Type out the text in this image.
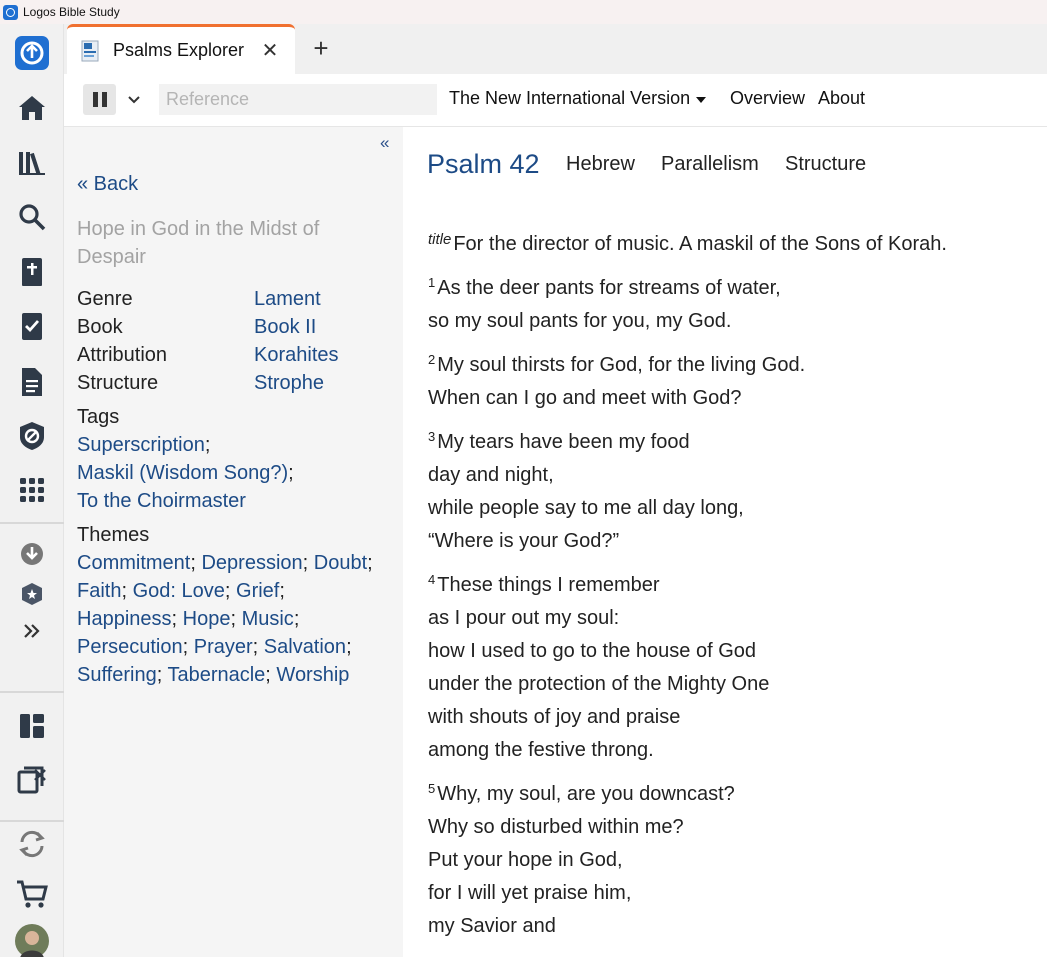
Logos Bible Study
Psalms Explorer ✕ +
Reference
The New International Version Overview About
«
« Back
Hope in God in the Midst of Despair
Genre	Lament
Book	Book II
Attribution	Korahites
Structure	Strophe
Tags
Superscription;
Maskil (Wisdom Song?);
To the Choirmaster
Themes
Commitment; Depression; Doubt;
Faith; God: Love; Grief;
Happiness; Hope; Music;
Persecution; Prayer; Salvation;
Suffering; Tabernacle; Worship
Psalm 42 Hebrew Parallelism Structure
$^{title}$ For the director of music. A maskil of the Sons of Korah.
$^1$ As the deer pants for streams of water,
so my soul pants for you, my God.
$^2$ My soul thirsts for God, for the living God.
When can I go and meet with God?
$^3$ My tears have been my food
day and night,
while people say to me all day long,
“Where is your God?”
$^4$ These things I remember
as I pour out my soul:
how I used to go to the house of God
under the protection of the Mighty One
with shouts of joy and praise
among the festive throng.
$^5$ Why, my soul, are you downcast?
Why so disturbed within me?
Put your hope in God,
for I will yet praise him,
my Savior and
